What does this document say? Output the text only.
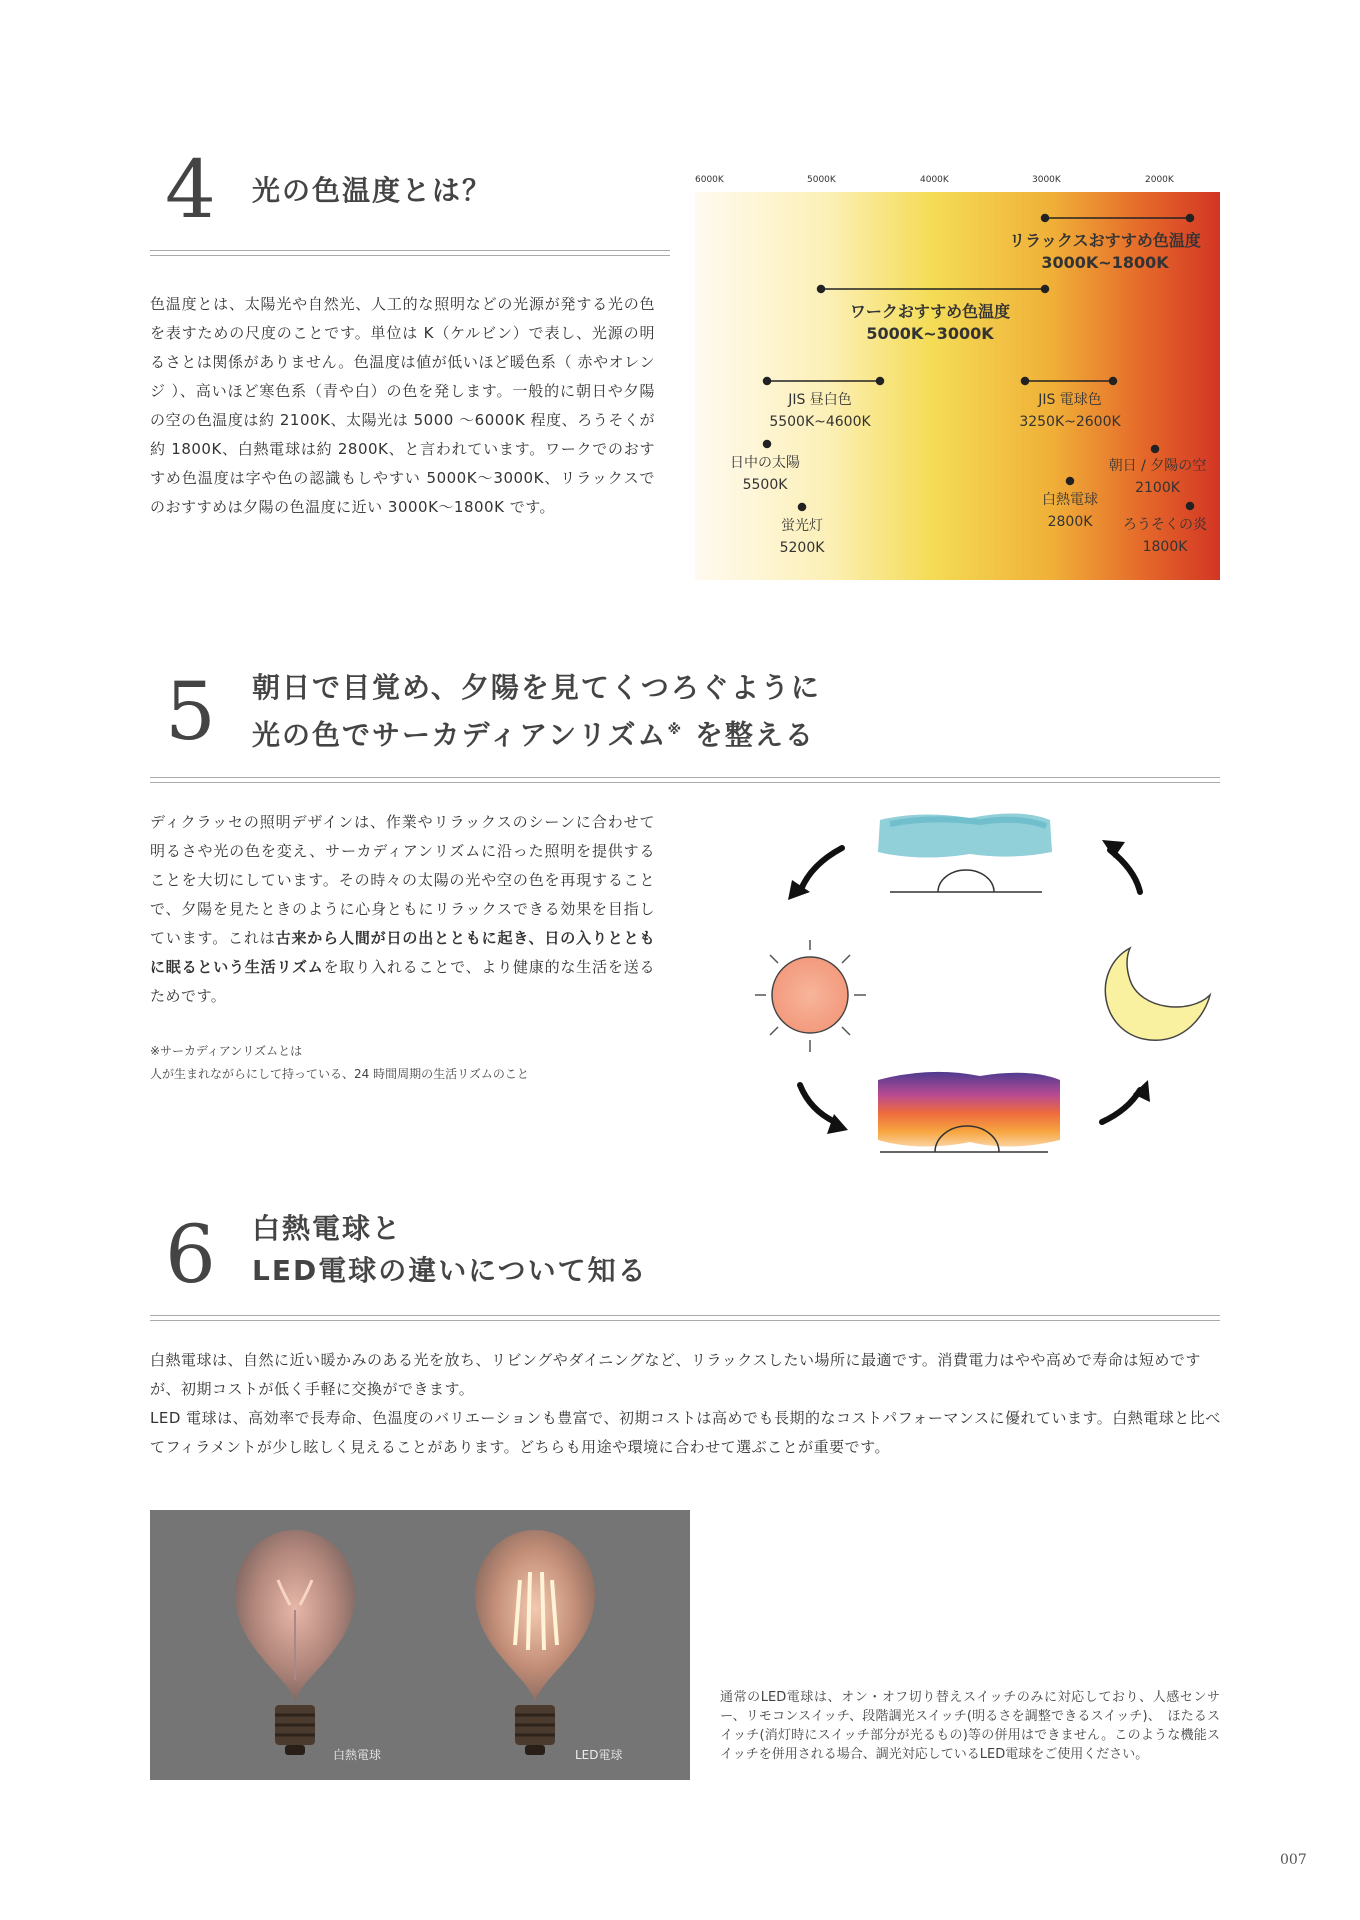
4 光の色温度とは？
色温度とは、太陽光や自然光、人工的な照明などの光源が発する光の色を表すための尺度のことです。単位は K（ケルビン）で表し、光源の明るさとは関係がありません。色温度は値が低いほど暖色系（ 赤やオレンジ ）、高いほど寒色系（青や白）の色を発します。一般的に朝日や夕陽の空の色温度は約 2100K、太陽光は 5000 〜6000K 程度、ろうそくが約 1800K、白熱電球は約 2800K、と言われています。ワークでのおすすめ色温度は字や色の認識もしやすい 5000K〜3000K、リラックスでのおすすめは夕陽の色温度に近い 3000K〜1800K です。
6000K	5000K	4000K	3000K	2000K
リラックスおすすめ色温度
3000K~1800K
ワークおすすめ色温度
5000K~3000K
JIS 昼白色
5500K~4600K
JIS 電球色
3250K~2600K
日中の太陽
5500K
蛍光灯
5200K
白熱電球
2800K
朝日 / 夕陽の空
2100K
ろうそくの炎
1800K
5 朝日で目覚め、夕陽を見てくつろぐように
光の色でサーカディアンリズム※ を整える
ディクラッセの照明デザインは、作業やリラックスのシーンに合わせて明るさや光の色を変え、サーカディアンリズムに沿った照明を提供することを大切にしています。その時々の太陽の光や空の色を再現することで、夕陽を見たときのように心身ともにリラックスできる効果を目指しています。これは古来から人間が日の出とともに起き、日の入りとともに眠るという生活リズムを取り入れることで、より健康的な生活を送るためです。
※サーカディアンリズムとは
人が生まれながらにして持っている、24 時間周期の生活リズムのこと
6 白熱電球と
LED電球の違いについて知る
白熱電球は、自然に近い暖かみのある光を放ち、リビングやダイニングなど、リラックスしたい場所に最適です。消費電力はやや高めで寿命は短めですが、初期コストが低く手軽に交換ができます。
LED 電球は、高効率で長寿命、色温度のバリエーションも豊富で、初期コストは高めでも長期的なコストパフォーマンスに優れています。白熱電球と比べてフィラメントが少し眩しく見えることがあります。どちらも用途や環境に合わせて選ぶことが重要です。
白熱電球	LED電球
通常のLED電球は、オン・オフ切り替えスイッチのみに対応しており、人感センサー、リモコンスイッチ、段階調光スイッチ(明るさを調整できるスイッチ)、　ほたるスイッチ(消灯時にスイッチ部分が光るもの)等の併用はできません。このような機能スイッチを併用される場合、調光対応しているLED電球をご使用ください。
007
